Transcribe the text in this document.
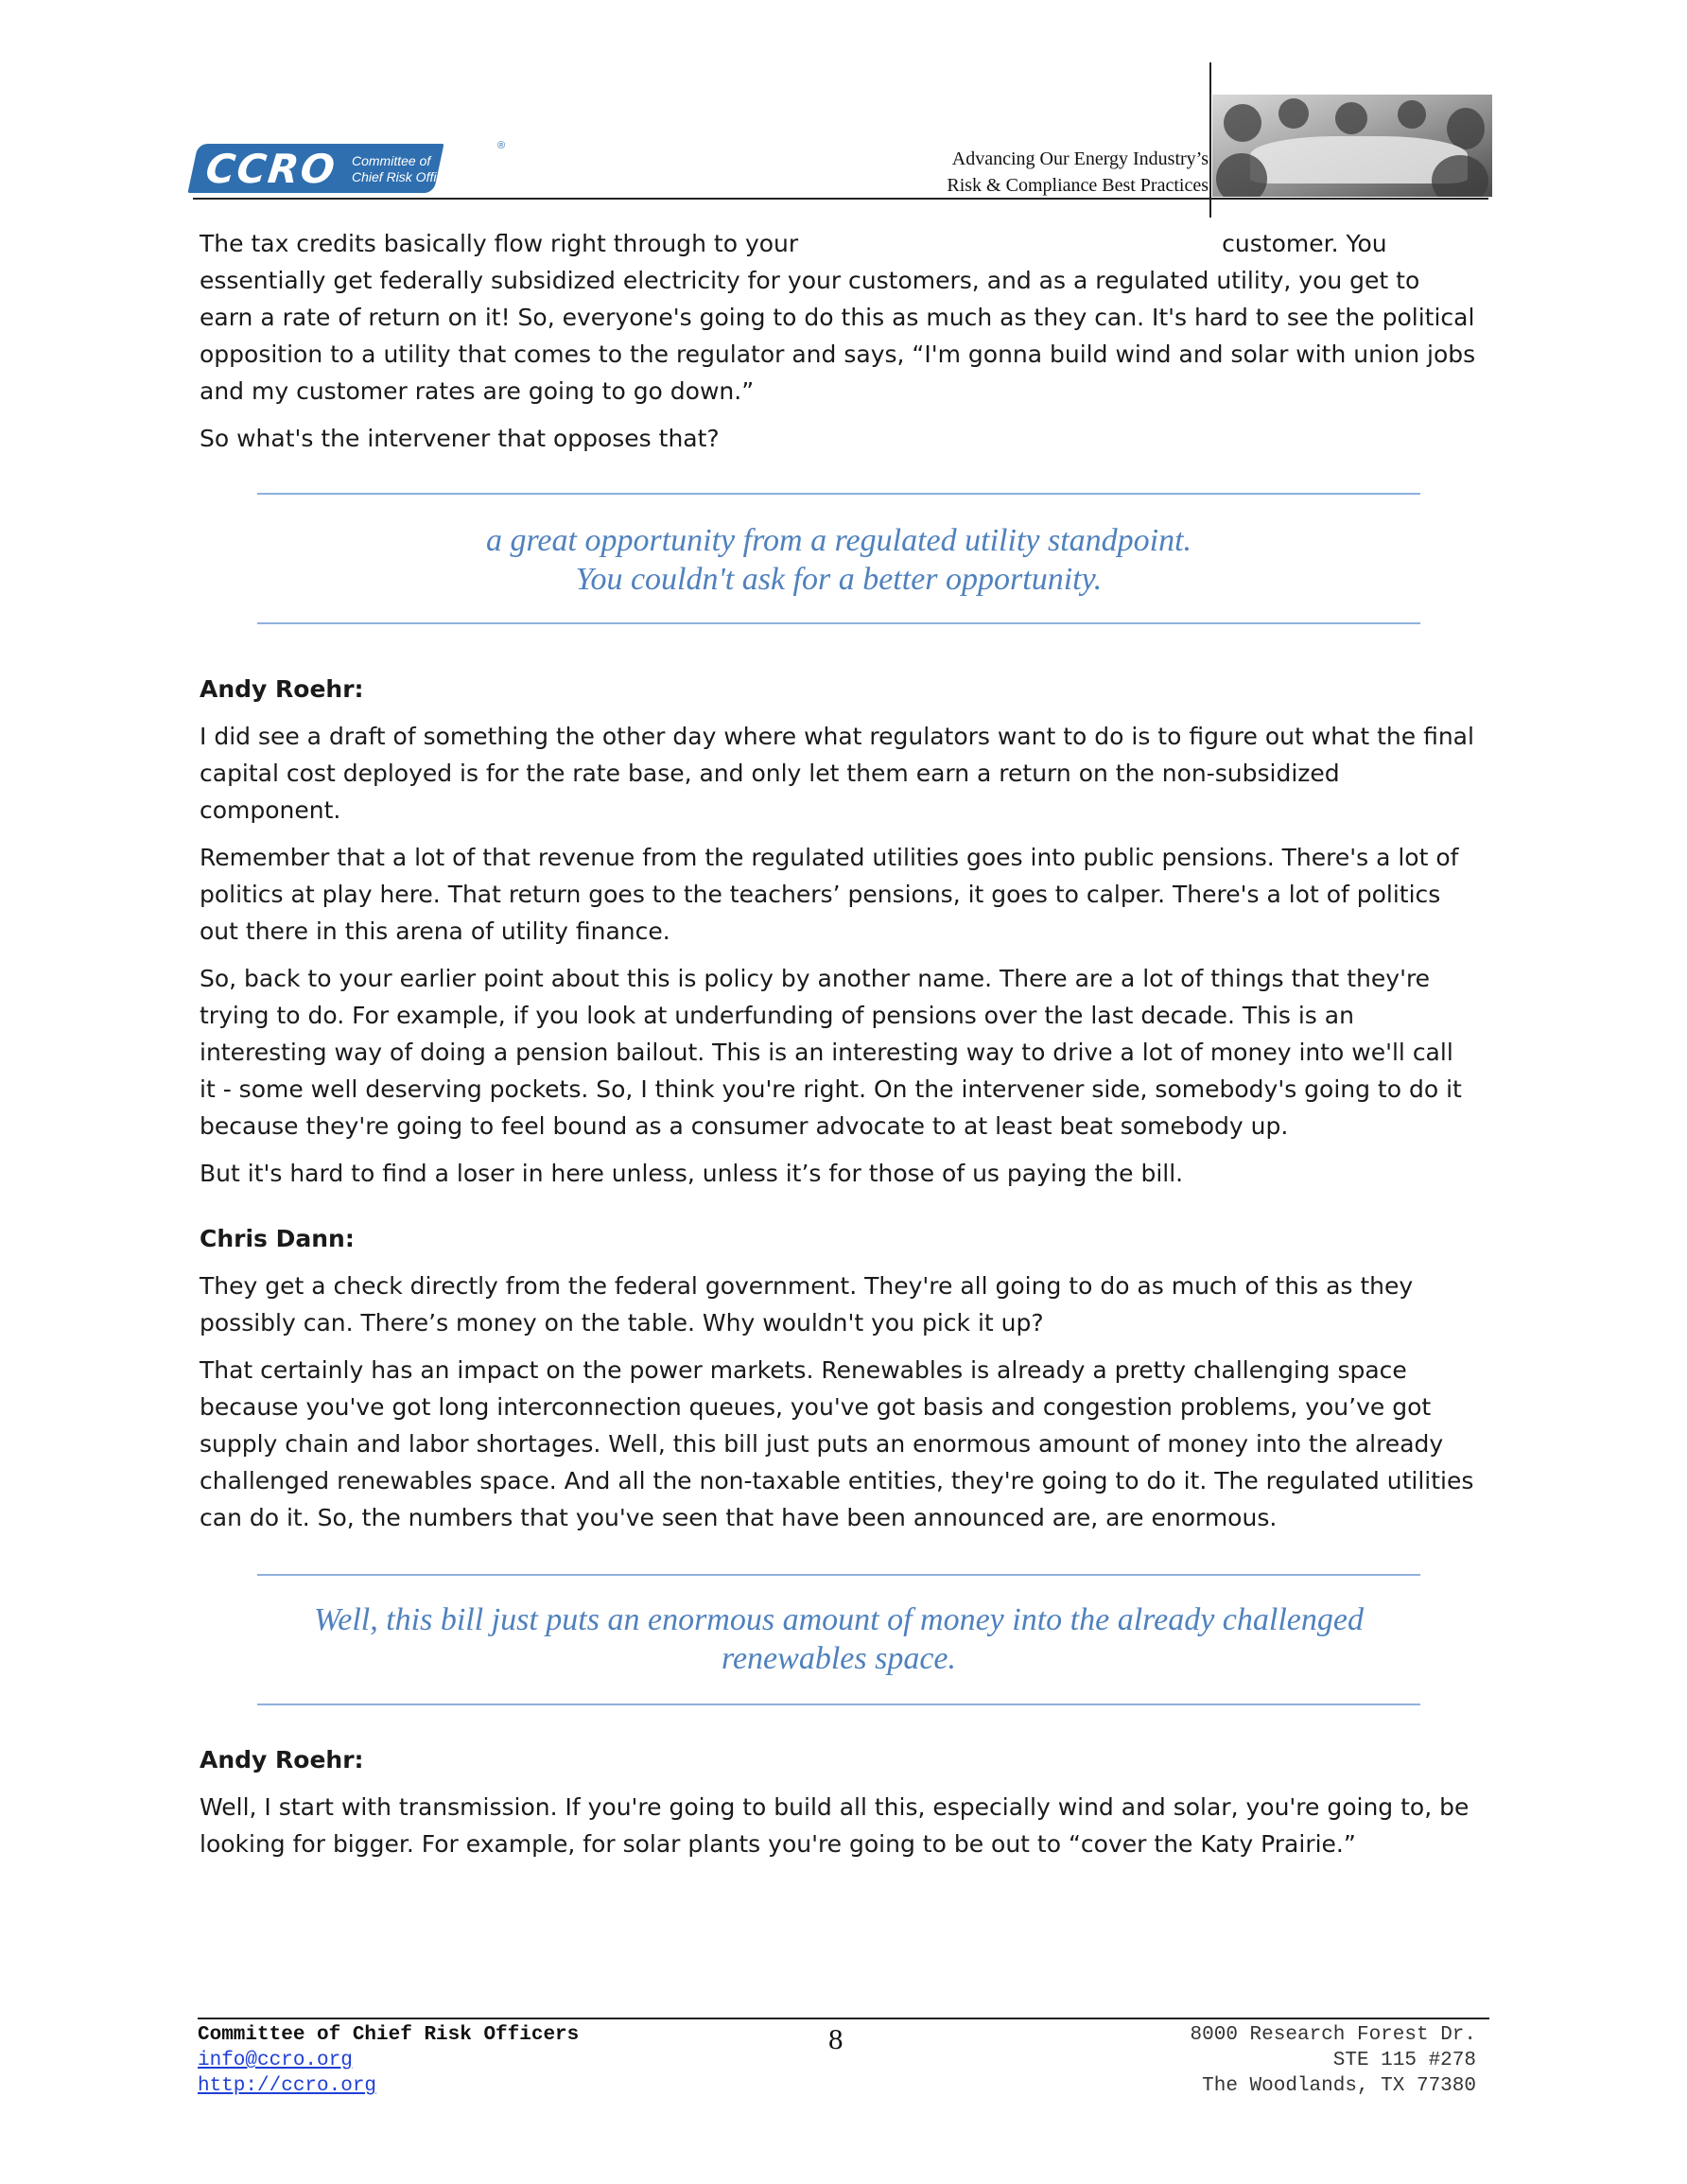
CCRO Committee of
Chief Risk Officers
®
Advancing Our Energy Industry’s
Risk & Compliance Best Practices

The tax credits basically flow right through to your	customer. You essentially get federally subsidized electricity for your customers, and as a regulated utility, you get to earn a rate of return on it! So, everyone's going to do this as much as they can. It's hard to see the political opposition to a utility that comes to the regulator and says, “I'm gonna build wind and solar with union jobs and my customer rates are going to go down.”

So what's the intervener that opposes that?

a great opportunity from a regulated utility standpoint.
You couldn't ask for a better opportunity.
Andy Roehr:

I did see a draft of something the other day where what regulators want to do is to figure out what the final capital cost deployed is for the rate base, and only let them earn a return on the non-subsidized component.

Remember that a lot of that revenue from the regulated utilities goes into public pensions. There's a lot of politics at play here. That return goes to the teachers’ pensions, it goes to calper. There's a lot of politics out there in this arena of utility finance.

So, back to your earlier point about this is policy by another name. There are a lot of things that they're trying to do. For example, if you look at underfunding of pensions over the last decade. This is an interesting way of doing a pension bailout. This is an interesting way to drive a lot of money into we'll call it - some well deserving pockets. So, I think you're right. On the intervener side, somebody's going to do it because they're going to feel bound as a consumer advocate to at least beat somebody up.

But it's hard to find a loser in here unless, unless it’s for those of us paying the bill.

Chris Dann:

They get a check directly from the federal government. They're all going to do as much of this as they possibly can. There’s money on the table. Why wouldn't you pick it up?

That certainly has an impact on the power markets. Renewables is already a pretty challenging space because you've got long interconnection queues, you've got basis and congestion problems, you’ve got supply chain and labor shortages. Well, this bill just puts an enormous amount of money into the already challenged renewables space. And all the non-taxable entities, they're going to do it. The regulated utilities can do it. So, the numbers that you've seen that have been announced are, are enormous.

Well, this bill just puts an enormous amount of money into the already challenged
renewables space.
Andy Roehr:

Well, I start with transmission. If you're going to build all this, especially wind and solar, you're going to, be looking for bigger. For example, for solar plants you're going to be out to “cover the Katy Prairie.”

Committee of Chief Risk Officers
info@ccro.org
http://ccro.org
8	8000 Research Forest Dr.
STE 115 #278
The Woodlands, TX 77380
